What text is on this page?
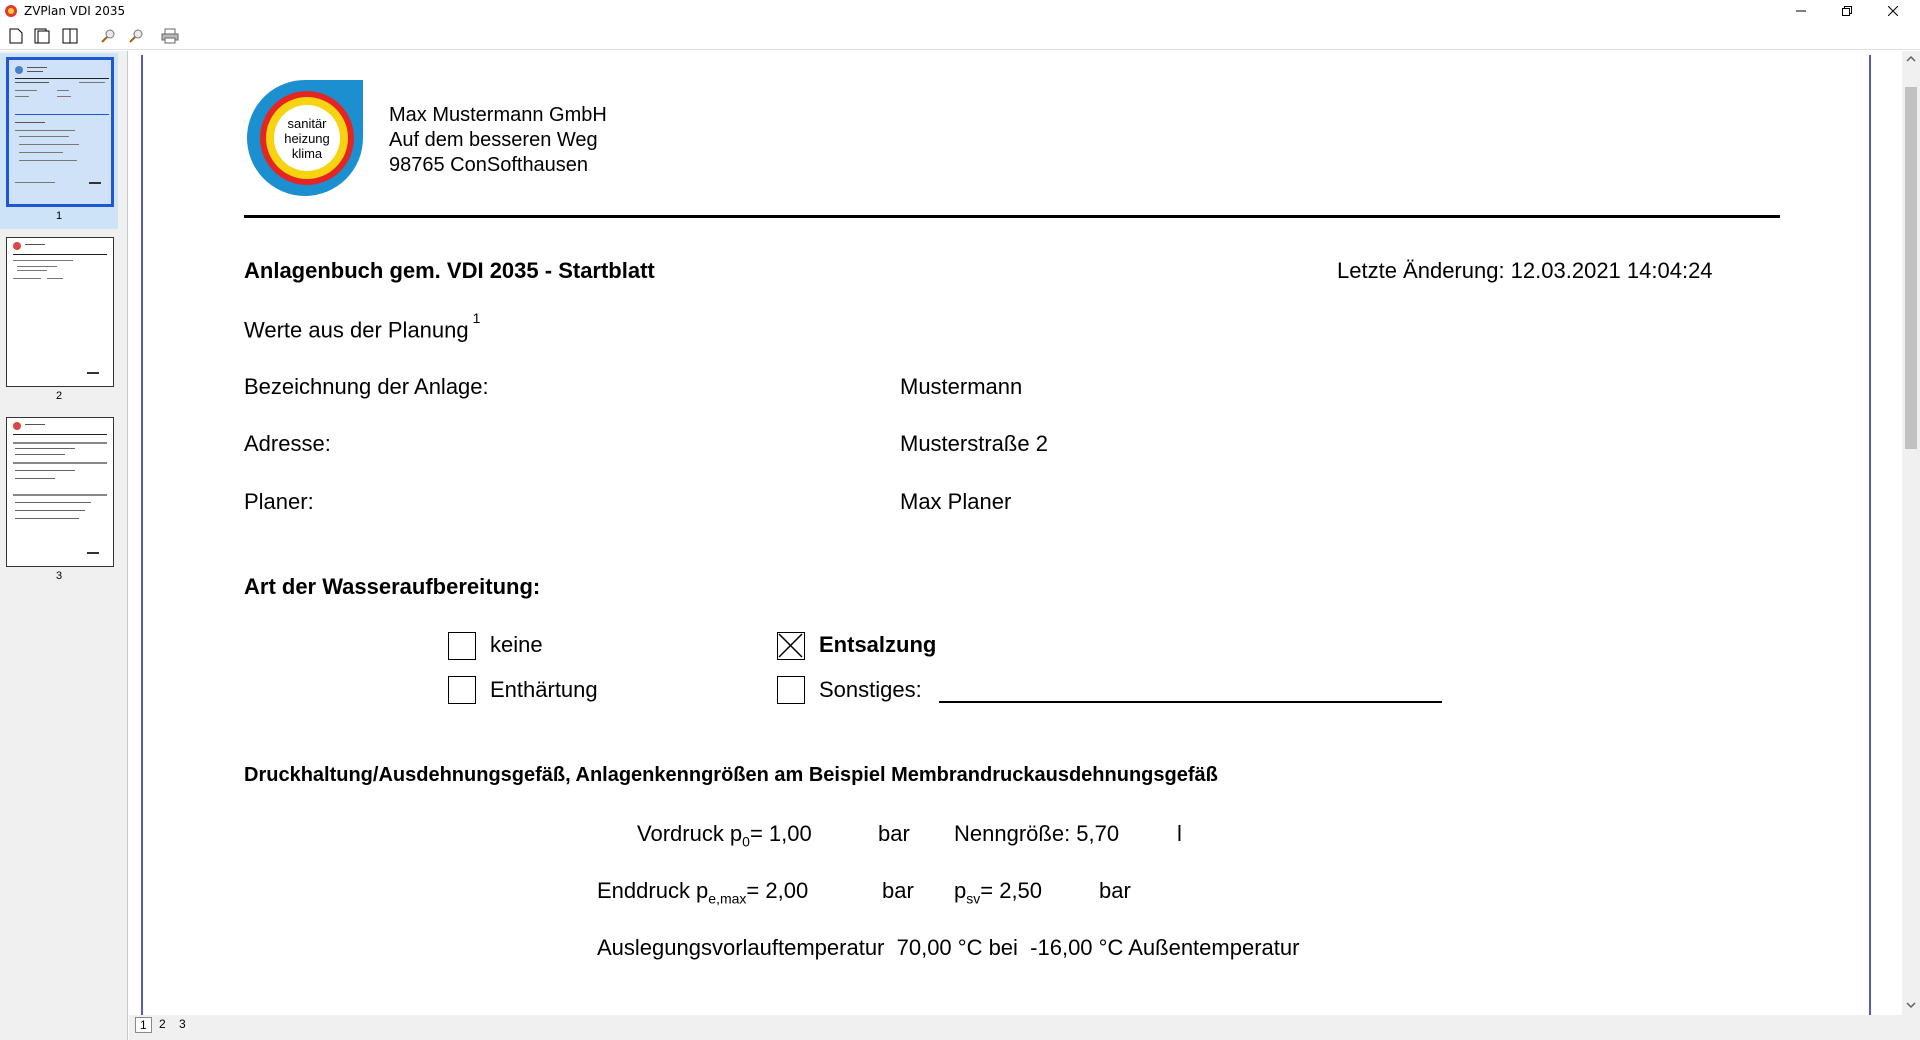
ZVPlan VDI 2035
1
2
3
sanitär
heizung
klima
Max Mustermann GmbH
Auf dem besseren Weg
98765 ConSofthausen
Anlagenbuch gem. VDI 2035 - Startblatt	Letzte Änderung: 12.03.2021 14:04:24
Werte aus der Planung $^1$
Bezeichnung der Anlage:	Mustermann
Adresse:	Musterstraße 2
Planer:	Max Planer
Art der Wasseraufbereitung:
keine	Entsalzung
Enthärtung	Sonstiges:
Druckhaltung/Ausdehnungsgefäß, Anlagenkenngrößen am Beispiel Membrandruckausdehnungsgefäß
Vordruck $p_0= 1,00$	bar Nenngröße: 5,70	l
Enddruck $p_{e,max}= 2,00$	bar $p_{sv}= 2,50$	bar
Auslegungsvorlauftemperatur  70,00 °C bei  -16,00 °C Außentemperatur
1	2	3
